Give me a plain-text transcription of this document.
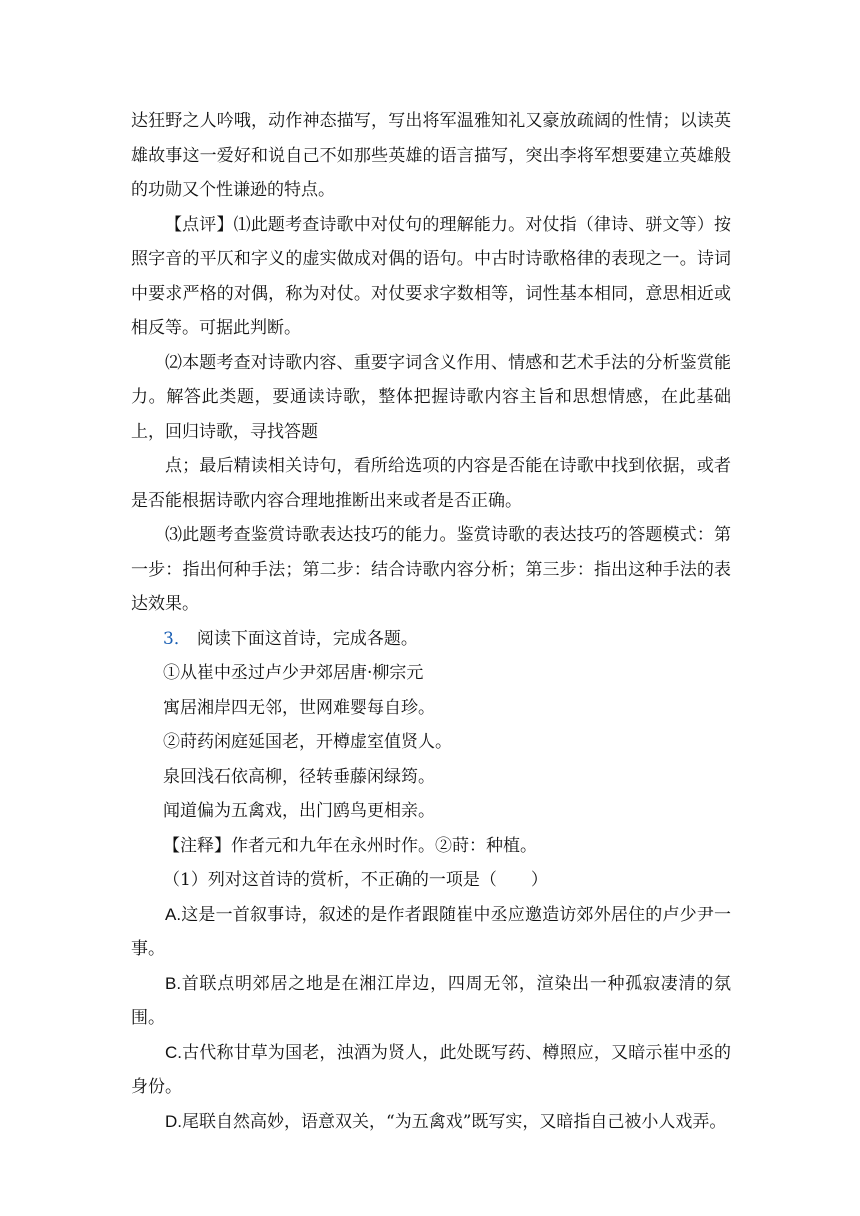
达狂野之人吟哦，动作神态描写，写出将军温雅知礼又豪放疏阔的性情；以读英雄故事这一爱好和说自己不如那些英雄的语言描写，突出李将军想要建立英雄般的功勋又个性谦逊的特点。

【点评】⑴此题考查诗歌中对仗句的理解能力。对仗指（律诗、骈文等）按照字音的平仄和字义的虚实做成对偶的语句。中古时诗歌格律的表现之一。诗词中要求严格的对偶，称为对仗。对仗要求字数相等，词性基本相同，意思相近或相反等。可据此判断。

⑵本题考查对诗歌内容、重要字词含义作用、情感和艺术手法的分析鉴赏能力。解答此类题，要通读诗歌，整体把握诗歌内容主旨和思想情感，在此基础上，回归诗歌，寻找答题

点；最后精读相关诗句，看所给选项的内容是否能在诗歌中找到依据，或者是否能根据诗歌内容合理地推断出来或者是否正确。

⑶此题考查鉴赏诗歌表达技巧的能力。鉴赏诗歌的表达技巧的答题模式：第一步：指出何种手法；第二步：结合诗歌内容分析；第三步：指出这种手法的表达效果。

3． 阅读下面这首诗，完成各题。

①从崔中丞过卢少尹郊居唐·柳宗元

寓居湘岸四无邻，世网难婴每自珍。

②莳药闲庭延国老，开樽虚室值贤人。

泉回浅石依高柳，径转垂藤闲绿筠。

闻道偏为五禽戏，出门鸥鸟更相亲。

【注释】作者元和九年在永州时作。②莳：种植。

（1）列对这首诗的赏析，不正确的一项是（　　）

A.这是一首叙事诗，叙述的是作者跟随崔中丞应邀造访郊外居住的卢少尹一事。

B.首联点明郊居之地是在湘江岸边，四周无邻，渲染出一种孤寂凄清的氛围。

C.古代称甘草为国老，浊酒为贤人，此处既写药、樽照应，又暗示崔中丞的身份。

D.尾联自然高妙，语意双关，“为五禽戏”既写实，又暗指自己被小人戏弄。
